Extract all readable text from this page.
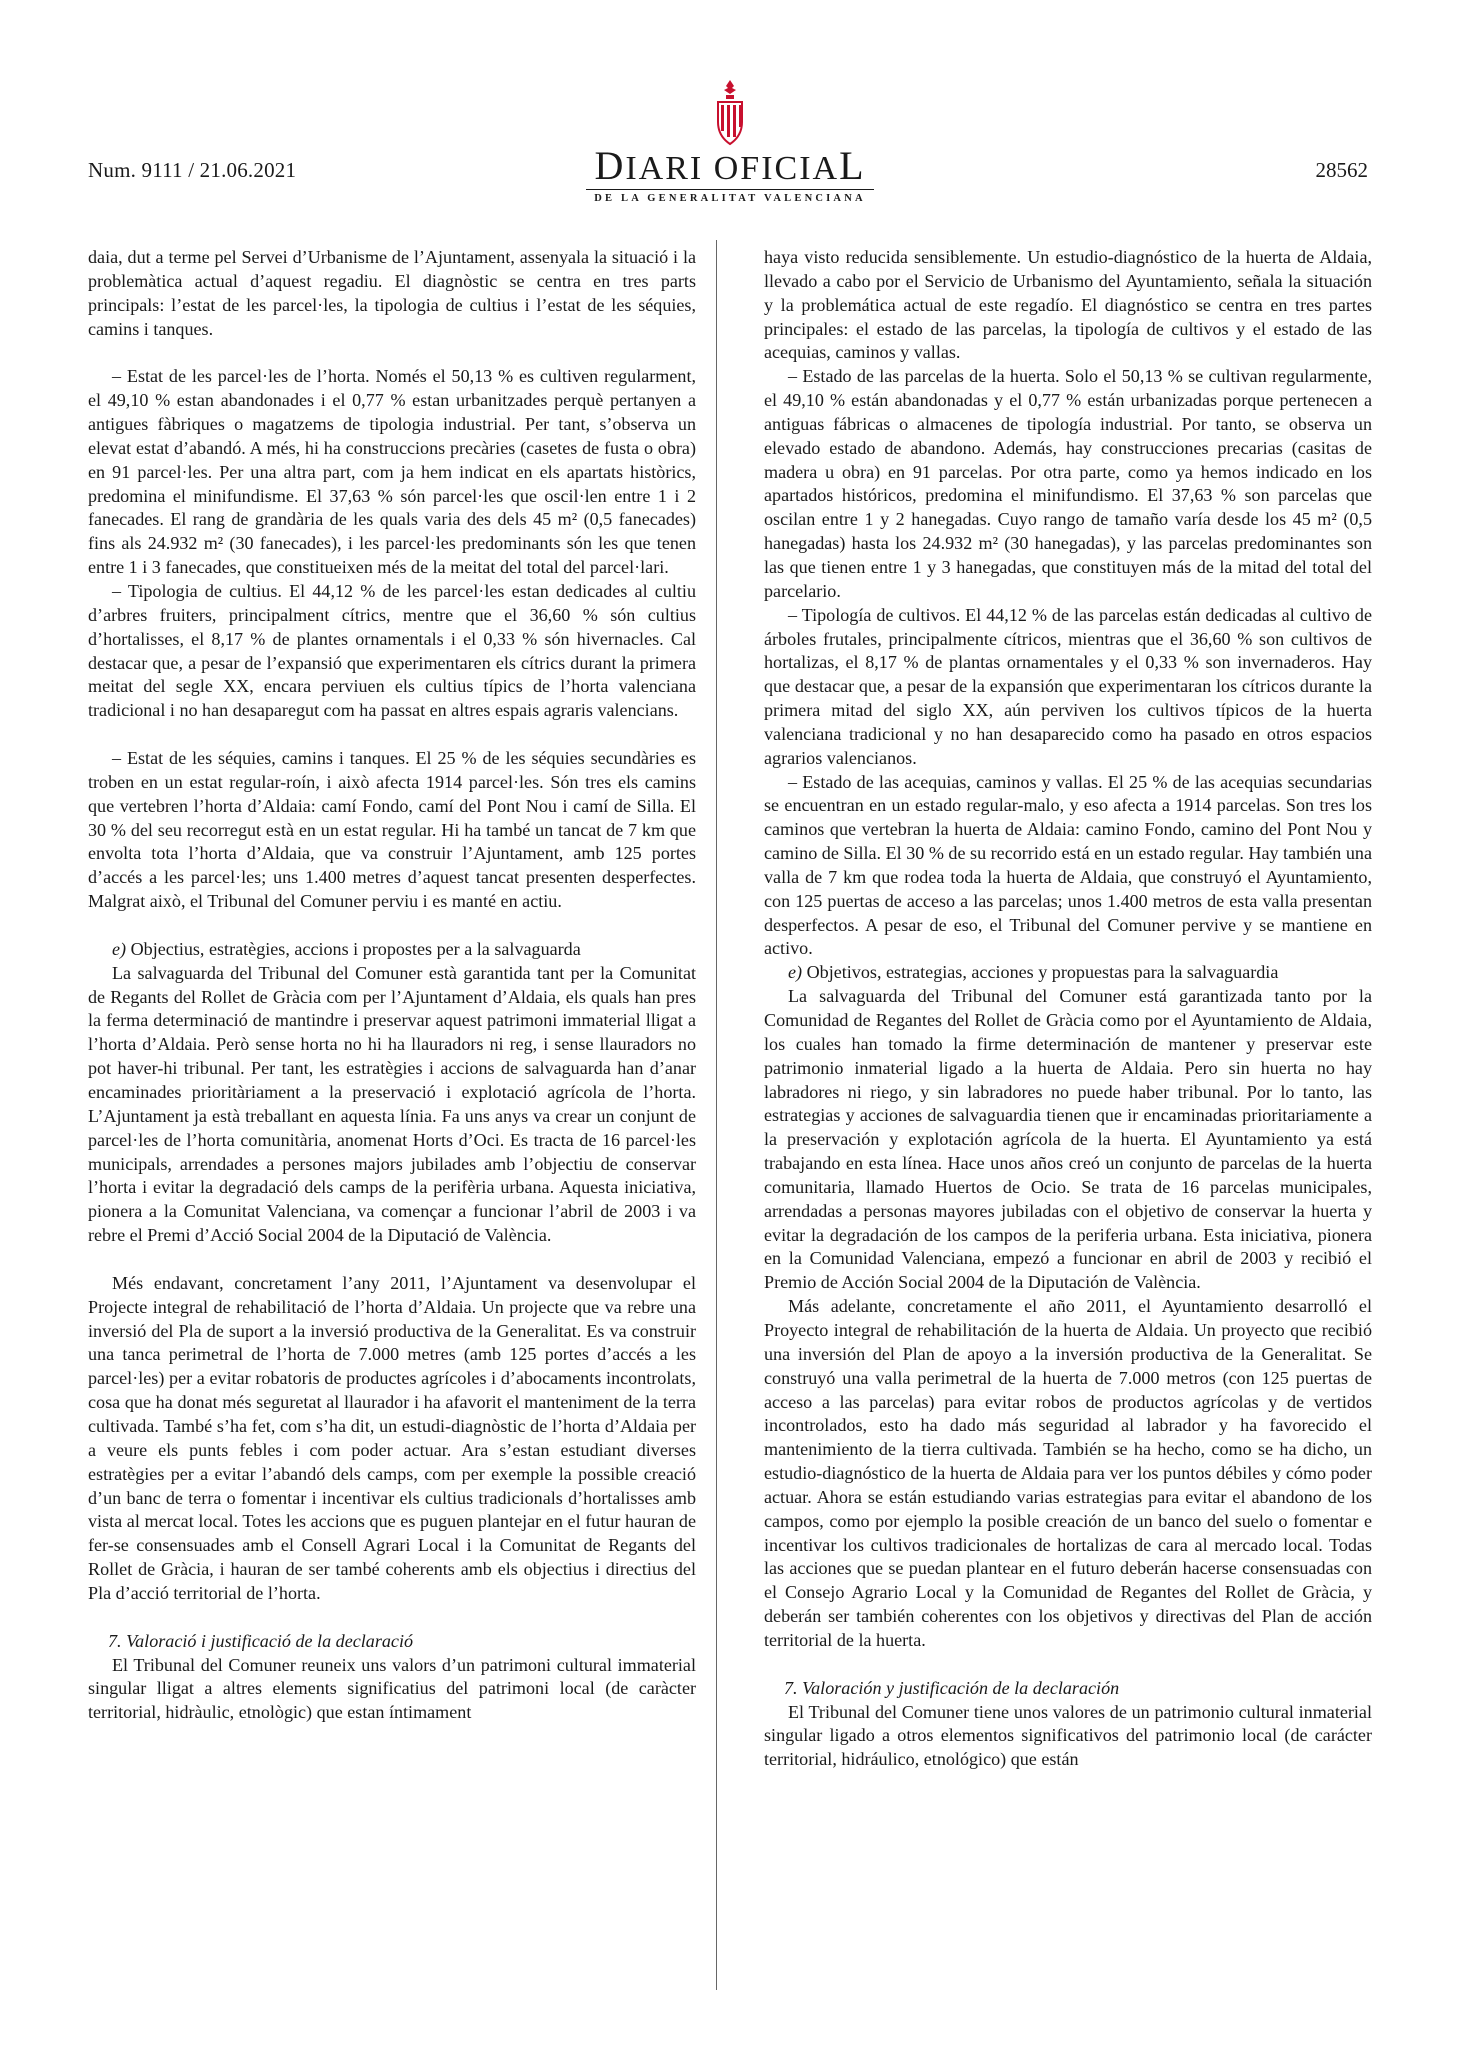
Num. 9111 / 21.06.2021	DIARI OFICIAL
DE LA GENERALITAT VALENCIANA
28562

daia, dut a terme pel Servei d’Urbanisme de l’Ajuntament, assenyala la situació i la problemàtica actual d’aquest regadiu. El diagnòstic se centra en tres parts principals: l’estat de les parcel·les, la tipologia de cultius i l’estat de les séquies, camins i tanques.

– Estat de les parcel·les de l’horta. Només el 50,13 % es cultiven regularment, el 49,10 % estan abandonades i el 0,77 % estan urbanitzades perquè pertanyen a antigues fàbriques o magatzems de tipologia industrial. Per tant, s’observa un elevat estat d’abandó. A més, hi ha construccions precàries (casetes de fusta o obra) en 91 parcel·les. Per una altra part, com ja hem indicat en els apartats històrics, predomina el minifundisme. El 37,63 % són parcel·les que oscil·len entre 1 i 2 fanecades. El rang de grandària de les quals varia des dels 45 m² (0,5 fanecades) fins als 24.932 m² (30 fanecades), i les parcel·les predominants són les que tenen entre 1 i 3 fanecades, que constitueixen més de la meitat del total del parcel·lari.

– Tipologia de cultius. El 44,12 % de les parcel·les estan dedicades al cultiu d’arbres fruiters, principalment cítrics, mentre que el 36,60 % són cultius d’hortalisses, el 8,17 % de plantes ornamentals i el 0,33 % són hivernacles. Cal destacar que, a pesar de l’expansió que experimentaren els cítrics durant la primera meitat del segle XX, encara perviuen els cultius típics de l’horta valenciana tradicional i no han desaparegut com ha passat en altres espais agraris valencians.

– Estat de les séquies, camins i tanques. El 25 % de les séquies secundàries es troben en un estat regular-roín, i això afecta 1914 parcel·les. Són tres els camins que vertebren l’horta d’Aldaia: camí Fondo, camí del Pont Nou i camí de Silla. El 30 % del seu recorregut està en un estat regular. Hi ha també un tancat de 7 km que envolta tota l’horta d’Aldaia, que va construir l’Ajuntament, amb 125 portes d’accés a les parcel·les; uns 1.400 metres d’aquest tancat presenten desperfectes. Malgrat això, el Tribunal del Comuner perviu i es manté en actiu.

e) Objectius, estratègies, accions i propostes per a la salvaguarda

La salvaguarda del Tribunal del Comuner està garantida tant per la Comunitat de Regants del Rollet de Gràcia com per l’Ajuntament d’Aldaia, els quals han pres la ferma determinació de mantindre i preservar aquest patrimoni immaterial lligat a l’horta d’Aldaia. Però sense horta no hi ha llauradors ni reg, i sense llauradors no pot haver-hi tribunal. Per tant, les estratègies i accions de salvaguarda han d’anar encaminades prioritàriament a la preservació i explotació agrícola de l’horta. L’Ajuntament ja està treballant en aquesta línia. Fa uns anys va crear un conjunt de parcel·les de l’horta comunitària, anomenat Horts d’Oci. Es tracta de 16 parcel·les municipals, arrendades a persones majors jubilades amb l’objectiu de conservar l’horta i evitar la degradació dels camps de la perifèria urbana. Aquesta iniciativa, pionera a la Comunitat Valenciana, va començar a funcionar l’abril de 2003 i va rebre el Premi d’Acció Social 2004 de la Diputació de València.

Més endavant, concretament l’any 2011, l’Ajuntament va desenvolupar el Projecte integral de rehabilitació de l’horta d’Aldaia. Un projecte que va rebre una inversió del Pla de suport a la inversió productiva de la Generalitat. Es va construir una tanca perimetral de l’horta de 7.000 metres (amb 125 portes d’accés a les parcel·les) per a evitar robatoris de productes agrícoles i d’abocaments incontrolats, cosa que ha donat més seguretat al llaurador i ha afavorit el manteniment de la terra cultivada. També s’ha fet, com s’ha dit, un estudi-diagnòstic de l’horta d’Aldaia per a veure els punts febles i com poder actuar. Ara s’estan estudiant diverses estratègies per a evitar l’abandó dels camps, com per exemple la possible creació d’un banc de terra o fomentar i incentivar els cultius tradicionals d’hortalisses amb vista al mercat local. Totes les accions que es puguen plantejar en el futur hauran de fer-se consensuades amb el Consell Agrari Local i la Comunitat de Regants del Rollet de Gràcia, i hauran de ser també coherents amb els objectius i directius del Pla d’acció territorial de l’horta.

7. Valoració i justificació de la declaració

El Tribunal del Comuner reuneix uns valors d’un patrimoni cultural immaterial singular lligat a altres elements significatius del patrimoni local (de caràcter territorial, hidràulic, etnològic) que estan íntimament

haya visto reducida sensiblemente. Un estudio-diagnóstico de la huerta de Aldaia, llevado a cabo por el Servicio de Urbanismo del Ayuntamiento, señala la situación y la problemática actual de este regadío. El diagnóstico se centra en tres partes principales: el estado de las parcelas, la tipología de cultivos y el estado de las acequias, caminos y vallas.

– Estado de las parcelas de la huerta. Solo el 50,13 % se cultivan regularmente, el 49,10 % están abandonadas y el 0,77 % están urbanizadas porque pertenecen a antiguas fábricas o almacenes de tipología industrial. Por tanto, se observa un elevado estado de abandono. Además, hay construcciones precarias (casitas de madera u obra) en 91 parcelas. Por otra parte, como ya hemos indicado en los apartados históricos, predomina el minifundismo. El 37,63 % son parcelas que oscilan entre 1 y 2 hanegadas. Cuyo rango de tamaño varía desde los 45 m² (0,5 hanegadas) hasta los 24.932 m² (30 hanegadas), y las parcelas predominantes son las que tienen entre 1 y 3 hanegadas, que constituyen más de la mitad del total del parcelario.

– Tipología de cultivos. El 44,12 % de las parcelas están dedicadas al cultivo de árboles frutales, principalmente cítricos, mientras que el 36,60 % son cultivos de hortalizas, el 8,17 % de plantas ornamentales y el 0,33 % son invernaderos. Hay que destacar que, a pesar de la expansión que experimentaran los cítricos durante la primera mitad del siglo XX, aún perviven los cultivos típicos de la huerta valenciana tradicional y no han desaparecido como ha pasado en otros espacios agrarios valencianos.

– Estado de las acequias, caminos y vallas. El 25 % de las acequias secundarias se encuentran en un estado regular-malo, y eso afecta a 1914 parcelas. Son tres los caminos que vertebran la huerta de Aldaia: camino Fondo, camino del Pont Nou y camino de Silla. El 30 % de su recorrido está en un estado regular. Hay también una valla de 7 km que rodea toda la huerta de Aldaia, que construyó el Ayuntamiento, con 125 puertas de acceso a las parcelas; unos 1.400 metros de esta valla presentan desperfectos. A pesar de eso, el Tribunal del Comuner pervive y se mantiene en activo.

e) Objetivos, estrategias, acciones y propuestas para la salvaguardia

La salvaguarda del Tribunal del Comuner está garantizada tanto por la Comunidad de Regantes del Rollet de Gràcia como por el Ayuntamiento de Aldaia, los cuales han tomado la firme determinación de mantener y preservar este patrimonio inmaterial ligado a la huerta de Aldaia. Pero sin huerta no hay labradores ni riego, y sin labradores no puede haber tribunal. Por lo tanto, las estrategias y acciones de salvaguardia tienen que ir encaminadas prioritariamente a la preservación y explotación agrícola de la huerta. El Ayuntamiento ya está trabajando en esta línea. Hace unos años creó un conjunto de parcelas de la huerta comunitaria, llamado Huertos de Ocio. Se trata de 16 parcelas municipales, arrendadas a personas mayores jubiladas con el objetivo de conservar la huerta y evitar la degradación de los campos de la periferia urbana. Esta iniciativa, pionera en la Comunidad Valenciana, empezó a funcionar en abril de 2003 y recibió el Premio de Acción Social 2004 de la Diputación de València.

Más adelante, concretamente el año 2011, el Ayuntamiento desarrolló el Proyecto integral de rehabilitación de la huerta de Aldaia. Un proyecto que recibió una inversión del Plan de apoyo a la inversión productiva de la Generalitat. Se construyó una valla perimetral de la huerta de 7.000 metros (con 125 puertas de acceso a las parcelas) para evitar robos de productos agrícolas y de vertidos incontrolados, esto ha dado más seguridad al labrador y ha favorecido el mantenimiento de la tierra cultivada. También se ha hecho, como se ha dicho, un estudio-diagnóstico de la huerta de Aldaia para ver los puntos débiles y cómo poder actuar. Ahora se están estudiando varias estrategias para evitar el abandono de los campos, como por ejemplo la posible creación de un banco del suelo o fomentar e incentivar los cultivos tradicionales de hortalizas de cara al mercado local. Todas las acciones que se puedan plantear en el futuro deberán hacerse consensuadas con el Consejo Agrario Local y la Comunidad de Regantes del Rollet de Gràcia, y deberán ser también coherentes con los objetivos y directivas del Plan de acción territorial de la huerta.

7. Valoración y justificación de la declaración

El Tribunal del Comuner tiene unos valores de un patrimonio cultural inmaterial singular ligado a otros elementos significativos del patrimonio local (de carácter territorial, hidráulico, etnológico) que están
